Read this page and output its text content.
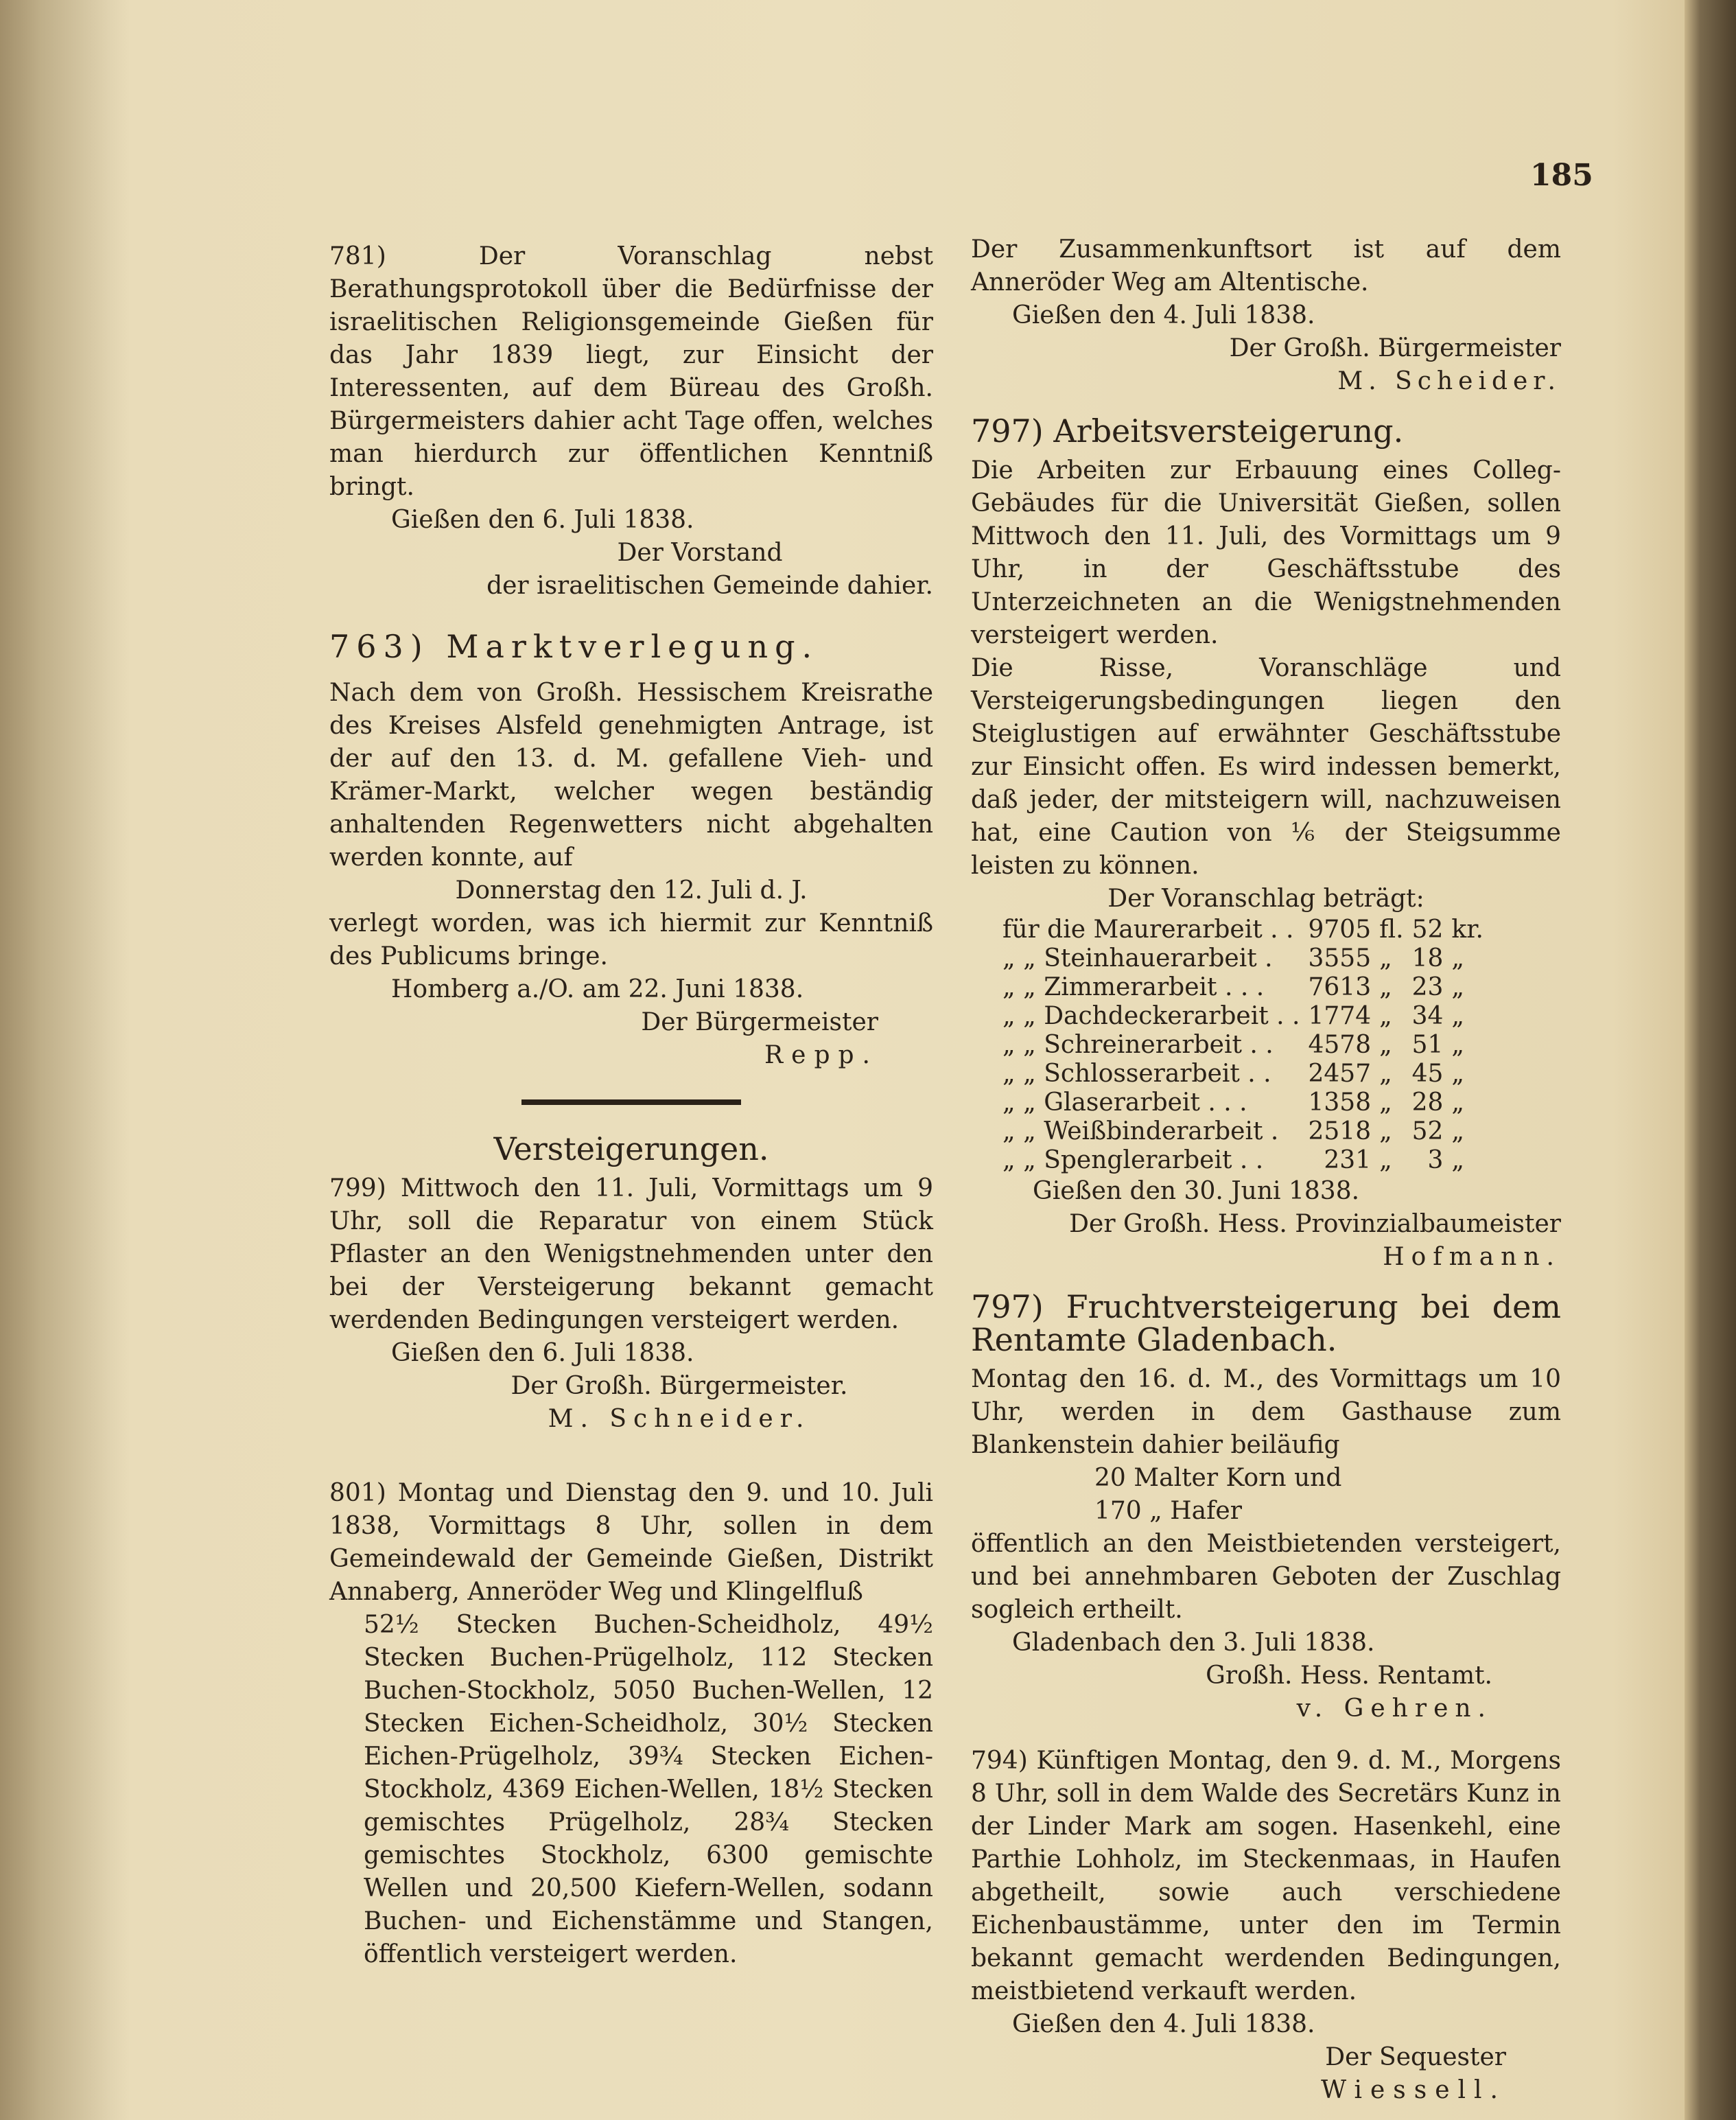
185

781) Der Voranschlag nebst Berathungsprotokoll über die Bedürfnisse der israelitischen Religionsgemeinde Gießen für das Jahr 1839 liegt, zur Einsicht der Interessenten, auf dem Büreau des Großh. Bürgermeisters dahier acht Tage offen, welches man hierdurch zur öffentlichen Kenntniß bringt.

Gießen den 6. Juli 1838.

Der Vorstand

der israelitischen Gemeinde dahier.

763) Marktverlegung.

Nach dem von Großh. Hessischem Kreisrathe des Kreises Alsfeld genehmigten Antrage, ist der auf den 13. d. M. gefallene Vieh- und Krämer-Markt, welcher wegen beständig anhaltenden Regenwetters nicht abgehalten werden konnte, auf

Donnerstag den 12. Juli d. J.

verlegt worden, was ich hiermit zur Kenntniß des Publicums bringe.

Homberg a./O. am 22. Juni 1838.

Der Bürgermeister

Repp.

Versteigerungen.

799) Mittwoch den 11. Juli, Vormittags um 9 Uhr, soll die Reparatur von einem Stück Pflaster an den Wenigstnehmenden unter den bei der Versteigerung bekannt gemacht werdenden Bedingungen versteigert werden.

Gießen den 6. Juli 1838.

Der Großh. Bürgermeister.

M. Schneider.

801) Montag und Dienstag den 9. und 10. Juli 1838, Vormittags 8 Uhr, sollen in dem Gemeindewald der Gemeinde Gießen, Distrikt Annaberg, Anneröder Weg und Klingelfluß

52½ Stecken Buchen-Scheidholz, 49½ Stecken Buchen-Prügelholz, 112 Stecken Buchen-Stockholz, 5050 Buchen-Wellen, 12 Stecken Eichen-Scheidholz, 30½ Stecken Eichen-Prügelholz, 39¾ Stecken Eichen-Stockholz, 4369 Eichen-Wellen, 18½ Stecken gemischtes Prügelholz, 28¾ Stecken gemischtes Stockholz, 6300 gemischte Wellen und 20,500 Kiefern-Wellen, sodann Buchen- und Eichenstämme und Stangen, öffentlich versteigert werden.

Der Zusammenkunftsort ist auf dem Anneröder Weg am Altentische.

Gießen den 4. Juli 1838.

Der Großh. Bürgermeister

M. Scheider.

797) Arbeitsversteigerung.

Die Arbeiten zur Erbauung eines Colleg-Gebäudes für die Universität Gießen, sollen Mittwoch den 11. Juli, des Vormittags um 9 Uhr, in der Geschäftsstube des Unterzeichneten an die Wenigstnehmenden versteigert werden.

Die Risse, Voranschläge und Versteigerungsbedingungen liegen den Steiglustigen auf erwähnter Geschäftsstube zur Einsicht offen. Es wird indessen bemerkt, daß jeder, der mitsteigern will, nachzuweisen hat, eine Caution von ⅙ der Steigsumme leisten zu können.

Der Voranschlag beträgt:

für die Maurerarbeit . .	9705	fl.	52	kr.
„ „ Steinhauerarbeit .	3555	„	18	„
„ „ Zimmerarbeit . . .	7613	„	23	„
„ „ Dachdeckerarbeit . .	1774	„	34	„
„ „ Schreinerarbeit . .	4578	„	51	„
„ „ Schlosserarbeit . .	2457	„	45	„
„ „ Glaserarbeit . . .	1358	„	28	„
„ „ Weißbinderarbeit .	2518	„	52	„
„ „ Spenglerarbeit . .	231	„	3	„

Gießen den 30. Juni 1838.

Der Großh. Hess. Provinzialbaumeister

Hofmann.

797) Fruchtversteigerung bei dem Rentamte Gladenbach.

Montag den 16. d. M., des Vormittags um 10 Uhr, werden in dem Gasthause zum Blankenstein dahier beiläufig

20 Malter Korn und

170 „ Hafer

öffentlich an den Meistbietenden versteigert, und bei annehmbaren Geboten der Zuschlag sogleich ertheilt.

Gladenbach den 3. Juli 1838.

Großh. Hess. Rentamt.

v. Gehren.

794) Künftigen Montag, den 9. d. M., Morgens 8 Uhr, soll in dem Walde des Secretärs Kunz in der Linder Mark am sogen. Hasenkehl, eine Parthie Lohholz, im Steckenmaas, in Haufen abgetheilt, sowie auch verschiedene Eichenbaustämme, unter den im Termin bekannt gemacht werdenden Bedingungen, meistbietend verkauft werden.

Gießen den 4. Juli 1838.

Der Sequester

Wiessell.
